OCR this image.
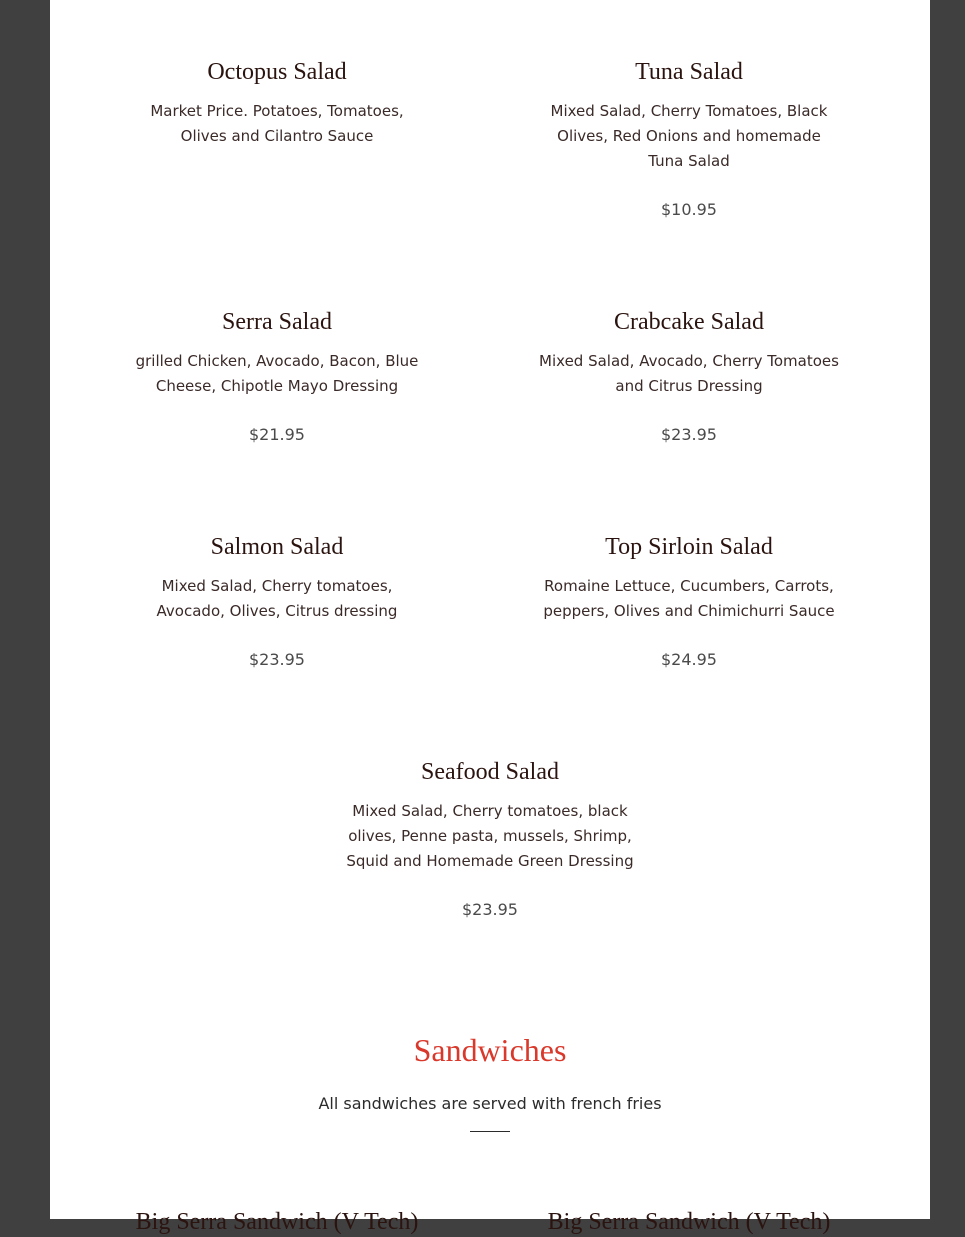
Octopus Salad

Market Price. Potatoes, Tomatoes, Olives and Cilantro Sauce

Tuna Salad

Mixed Salad, Cherry Tomatoes, Black Olives, Red Onions and homemade Tuna Salad

$10.95

Serra Salad

grilled Chicken, Avocado, Bacon, Blue Cheese, Chipotle Mayo Dressing

$21.95

Crabcake Salad

Mixed Salad, Avocado, Cherry Tomatoes and Citrus Dressing

$23.95

Salmon Salad

Mixed Salad, Cherry tomatoes, Avocado, Olives, Citrus dressing

$23.95

Top Sirloin Salad

Romaine Lettuce, Cucumbers, Carrots, peppers, Olives and Chimichurri Sauce

$24.95

Seafood Salad

Mixed Salad, Cherry tomatoes, black olives, Penne pasta, mussels, Shrimp, Squid and Homemade Green Dressing

$23.95

Sandwiches

All sandwiches are served with french fries

Big Serra Sandwich (V Tech)	Big Serra Sandwich (V Tech)
